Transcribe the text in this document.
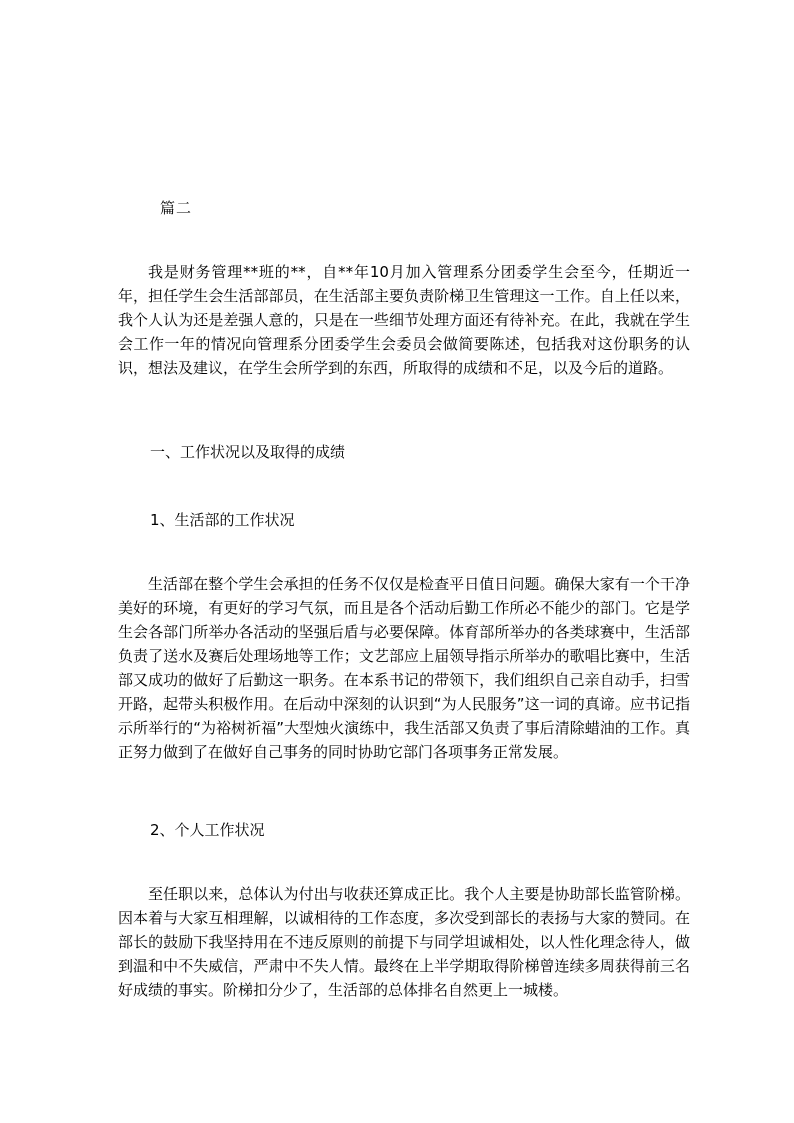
篇二

我是财务管理**班的**，自**年10月加入管理系分团委学生会至今，任期近一年，担任学生会生活部部员，在生活部主要负责阶梯卫生管理这一工作。自上任以来，我个人认为还是差强人意的，只是在一些细节处理方面还有待补充。在此，我就在学生会工作一年的情况向管理系分团委学生会委员会做简要陈述，包括我对这份职务的认识，想法及建议，在学生会所学到的东西，所取得的成绩和不足，以及今后的道路。

一、工作状况以及取得的成绩

1、生活部的工作状况

生活部在整个学生会承担的任务不仅仅是检查平日值日问题。确保大家有一个干净美好的环境，有更好的学习气氛，而且是各个活动后勤工作所必不能少的部门。它是学生会各部门所举办各活动的坚强后盾与必要保障。体育部所举办的各类球赛中，生活部负责了送水及赛后处理场地等工作；文艺部应上届领导指示所举办的歌唱比赛中，生活部又成功的做好了后勤这一职务。在本系书记的带领下，我们组织自己亲自动手，扫雪开路，起带头积极作用。在后动中深刻的认识到“为人民服务”这一词的真谛。应书记指示所举行的“为裕树祈福”大型烛火演练中，我生活部又负责了事后清除蜡油的工作。真正努力做到了在做好自己事务的同时协助它部门各项事务正常发展。

2、个人工作状况

至任职以来，总体认为付出与收获还算成正比。我个人主要是协助部长监管阶梯。因本着与大家互相理解，以诚相待的工作态度，多次受到部长的表扬与大家的赞同。在部长的鼓励下我坚持用在不违反原则的前提下与同学坦诚相处，以人性化理念待人，做到温和中不失威信，严肃中不失人情。最终在上半学期取得阶梯曾连续多周获得前三名好成绩的事实。阶梯扣分少了，生活部的总体排名自然更上一城楼。
